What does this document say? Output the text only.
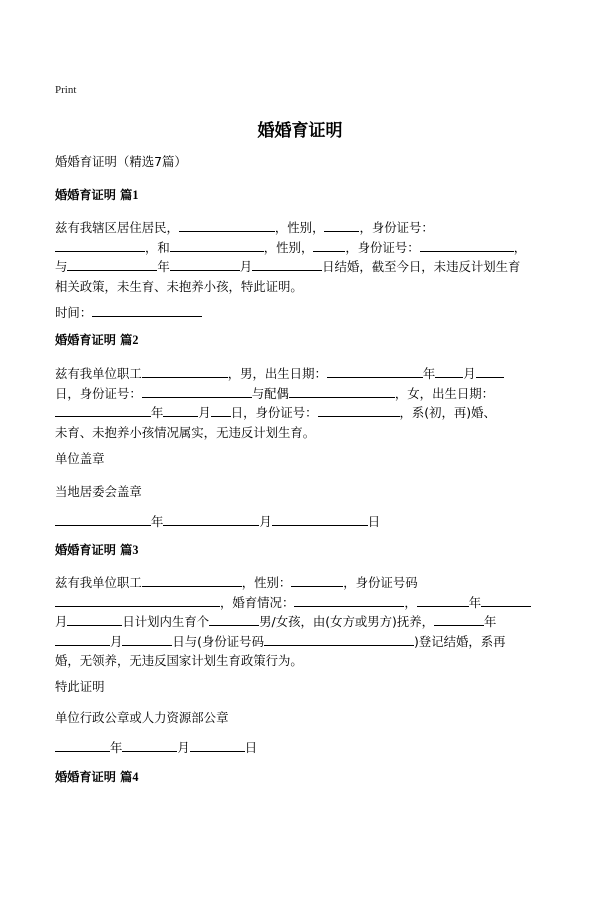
Print
婚婚育证明

婚婚育证明（精选7篇）

婚婚育证明 篇1

兹有我辖区居住居民，	，性别，	，身份证号：
，和	，性别，	，身份证号：	，
与	年	月	日结婚，截至今日，未违反计划生育
相关政策，未生育、未抱养小孩，特此证明。

时间：

婚婚育证明 篇2

兹有我单位职工	，男，出生日期：	年 月
日，身份证号：	与配偶	，女，出生日期：
年	月 日，身份证号：	，系(初，再)婚、
未育、未抱养小孩情况属实，无违反计划生育。

单位盖章

当地居委会盖章

年	月	日

婚婚育证明 篇3

兹有我单位职工	，性别：	，身份证号码
，婚育情况：	，	年
月	日计划内生育个	男/女孩，由(女方或男方)抚养，	年
月	日与(身份证号码	)登记结婚，系再
婚，无领养，无违反国家计划生育政策行为。

特此证明

单位行政公章或人力资源部公章

年	月	日

婚婚育证明 篇4
